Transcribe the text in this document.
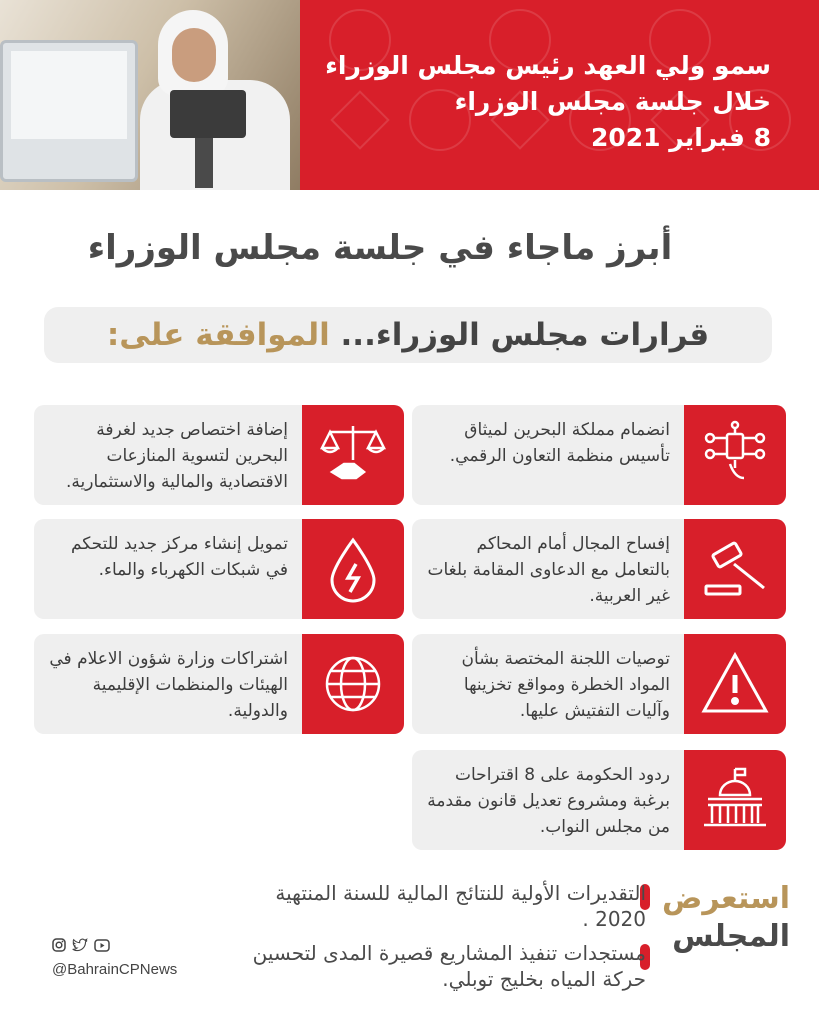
سمو ولي العهد رئيس مجلس الوزراء
خلال جلسة مجلس الوزراء
8 فبراير 2021
أبرز ماجاء في جلسة مجلس الوزراء
قرارات مجلس الوزراء... الموافقة على:
انضمام مملكة البحرين لميثاق تأسيس منظمة التعاون الرقمي.
إضافة اختصاص جديد لغرفة البحرين لتسوية المنازعات الاقتصادية والمالية والاستثمارية.
إفساح المجال أمام المحاكم بالتعامل مع الدعاوى المقامة بلغات غير العربية.
تمويل إنشاء مركز جديد للتحكم في شبكات الكهرباء والماء.
توصيات اللجنة المختصة بشأن المواد الخطرة ومواقع تخزينها وآليات التفتيش عليها.
اشتراكات وزارة شؤون الاعلام في الهيئات والمنظمات الإقليمية والدولية.
ردود الحكومة على 8 اقتراحات برغبة ومشروع تعديل قانون مقدمة من مجلس النواب.
استعرض
المجلس
التقديرات الأولية للنتائج المالية للسنة المنتهية 2020 .
مستجدات تنفيذ المشاريع قصيرة المدى لتحسين حركة المياه بخليج توبلي.
@BahrainCPNews
